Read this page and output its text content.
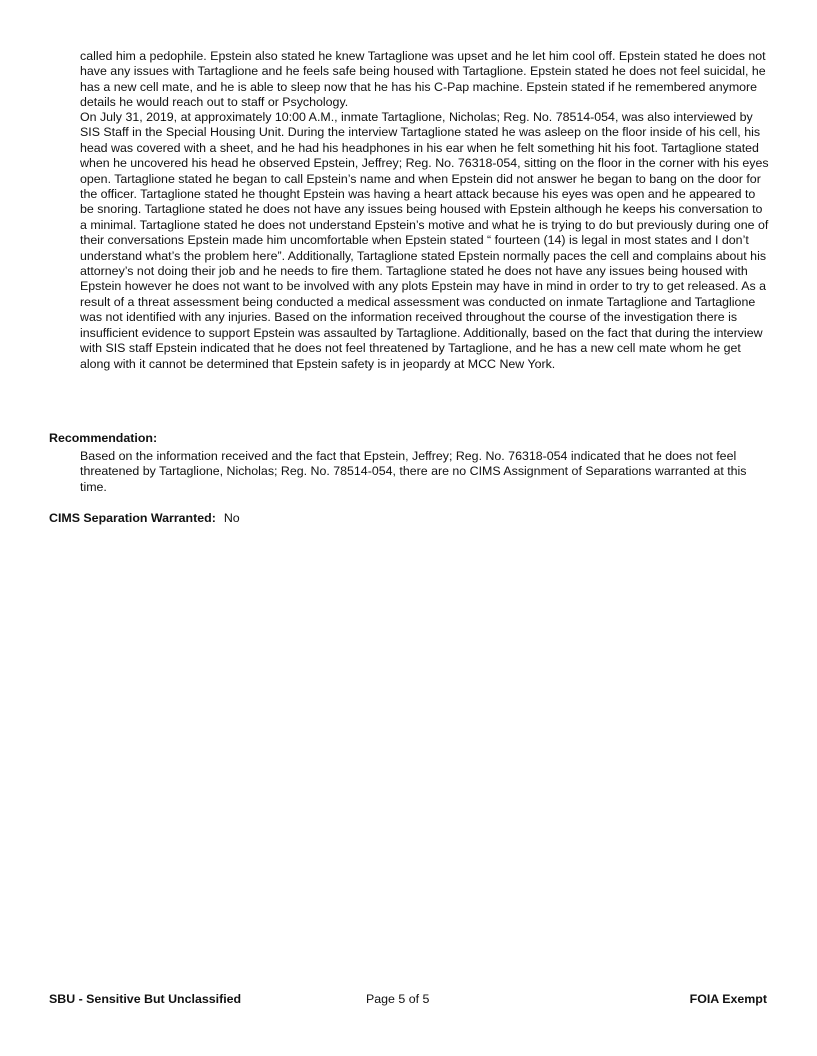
called him a pedophile. Epstein also stated he knew Tartaglione was upset and he let him cool off. Epstein stated he does not have any issues with Tartaglione and he feels safe being housed with Tartaglione. Epstein stated he does not feel suicidal, he has a new cell mate, and he is able to sleep now that he has his C-Pap machine. Epstein stated if he remembered anymore details he would reach out to staff or Psychology.

On July 31, 2019, at approximately 10:00 A.M., inmate Tartaglione, Nicholas; Reg. No. 78514-054, was also interviewed by SIS Staff in the Special Housing Unit. During the interview Tartaglione stated he was asleep on the floor inside of his cell, his head was covered with a sheet, and he had his headphones in his ear when he felt something hit his foot. Tartaglione stated when he uncovered his head he observed Epstein, Jeffrey; Reg. No. 76318-054, sitting on the floor in the corner with his eyes open. Tartaglione stated he began to call Epstein’s name and when Epstein did not answer he began to bang on the door for the officer. Tartaglione stated he thought Epstein was having a heart attack because his eyes was open and he appeared to be snoring. Tartaglione stated he does not have any issues being housed with Epstein although he keeps his conversation to a minimal. Tartaglione stated he does not understand Epstein’s motive and what he is trying to do but previously during one of their conversations Epstein made him uncomfortable when Epstein stated “ fourteen (14) is legal in most states and I don’t understand what’s the problem here”. Additionally, Tartaglione stated Epstein normally paces the cell and complains about his attorney’s not doing their job and he needs to fire them. Tartaglione stated he does not have any issues being housed with Epstein however he does not want to be involved with any plots Epstein may have in mind in order to try to get released. As a result of a threat assessment being conducted a medical assessment was conducted on inmate Tartaglione and Tartaglione was not identified with any injuries. Based on the information received throughout the course of the investigation there is insufficient evidence to support Epstein was assaulted by Tartaglione. Additionally, based on the fact that during the interview with SIS staff Epstein indicated that he does not feel threatened by Tartaglione, and he has a new cell mate whom he get along with it cannot be determined that Epstein safety is in jeopardy at MCC New York.

Recommendation:

Based on the information received and the fact that Epstein, Jeffrey; Reg. No. 76318-054 indicated that he does not feel threatened by Tartaglione, Nicholas; Reg. No. 78514-054, there are no CIMS Assignment of Separations warranted at this time.

CIMS Separation Warranted: No

SBU - Sensitive But Unclassified	Page 5 of 5	FOIA Exempt
